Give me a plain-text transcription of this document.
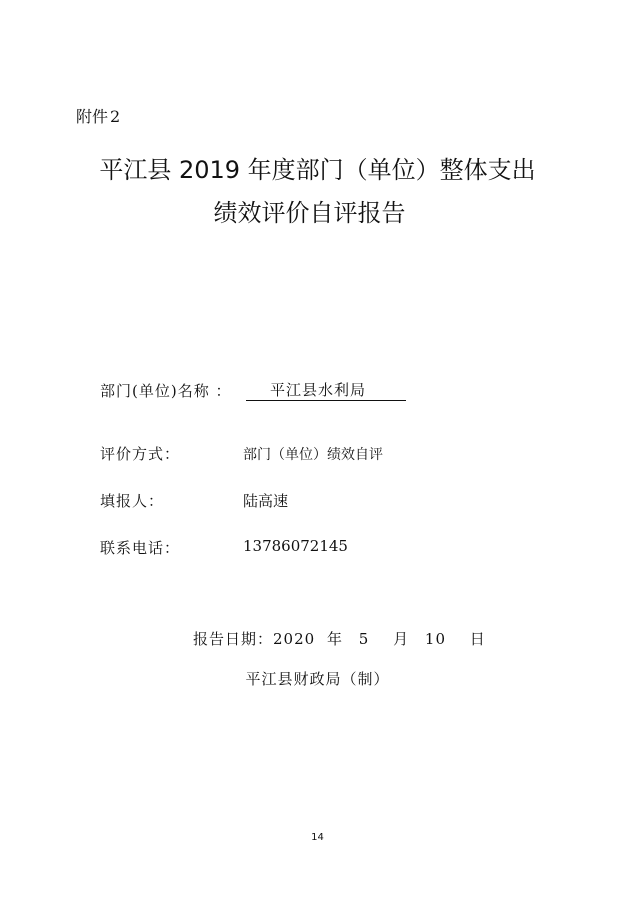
附件 2
平江县 2019 年度部门（单位）整体支出
绩效评价自评报告
部门(单位)名称 ：	平江县水利局
评价方式：	部门（单位）绩效自评
填报人：	陆高速
联系电话：	13786072145
报告日期：2020 年 5 月 10 日
平江县财政局（制）
14
